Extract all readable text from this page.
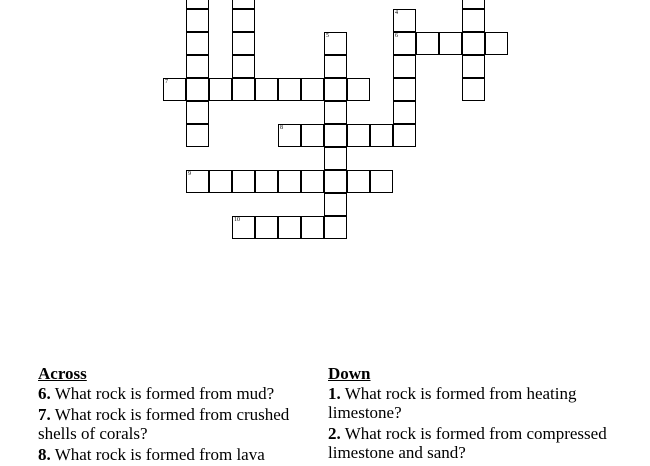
4
6
5
7
8
9
10
Across
6. What rock is formed from mud?
7. What rock is formed from crushed shells of corals?
8. What rock is formed from lava
Down
1. What rock is formed from heating limestone?
2. What rock is formed from compressed limestone and sand?
